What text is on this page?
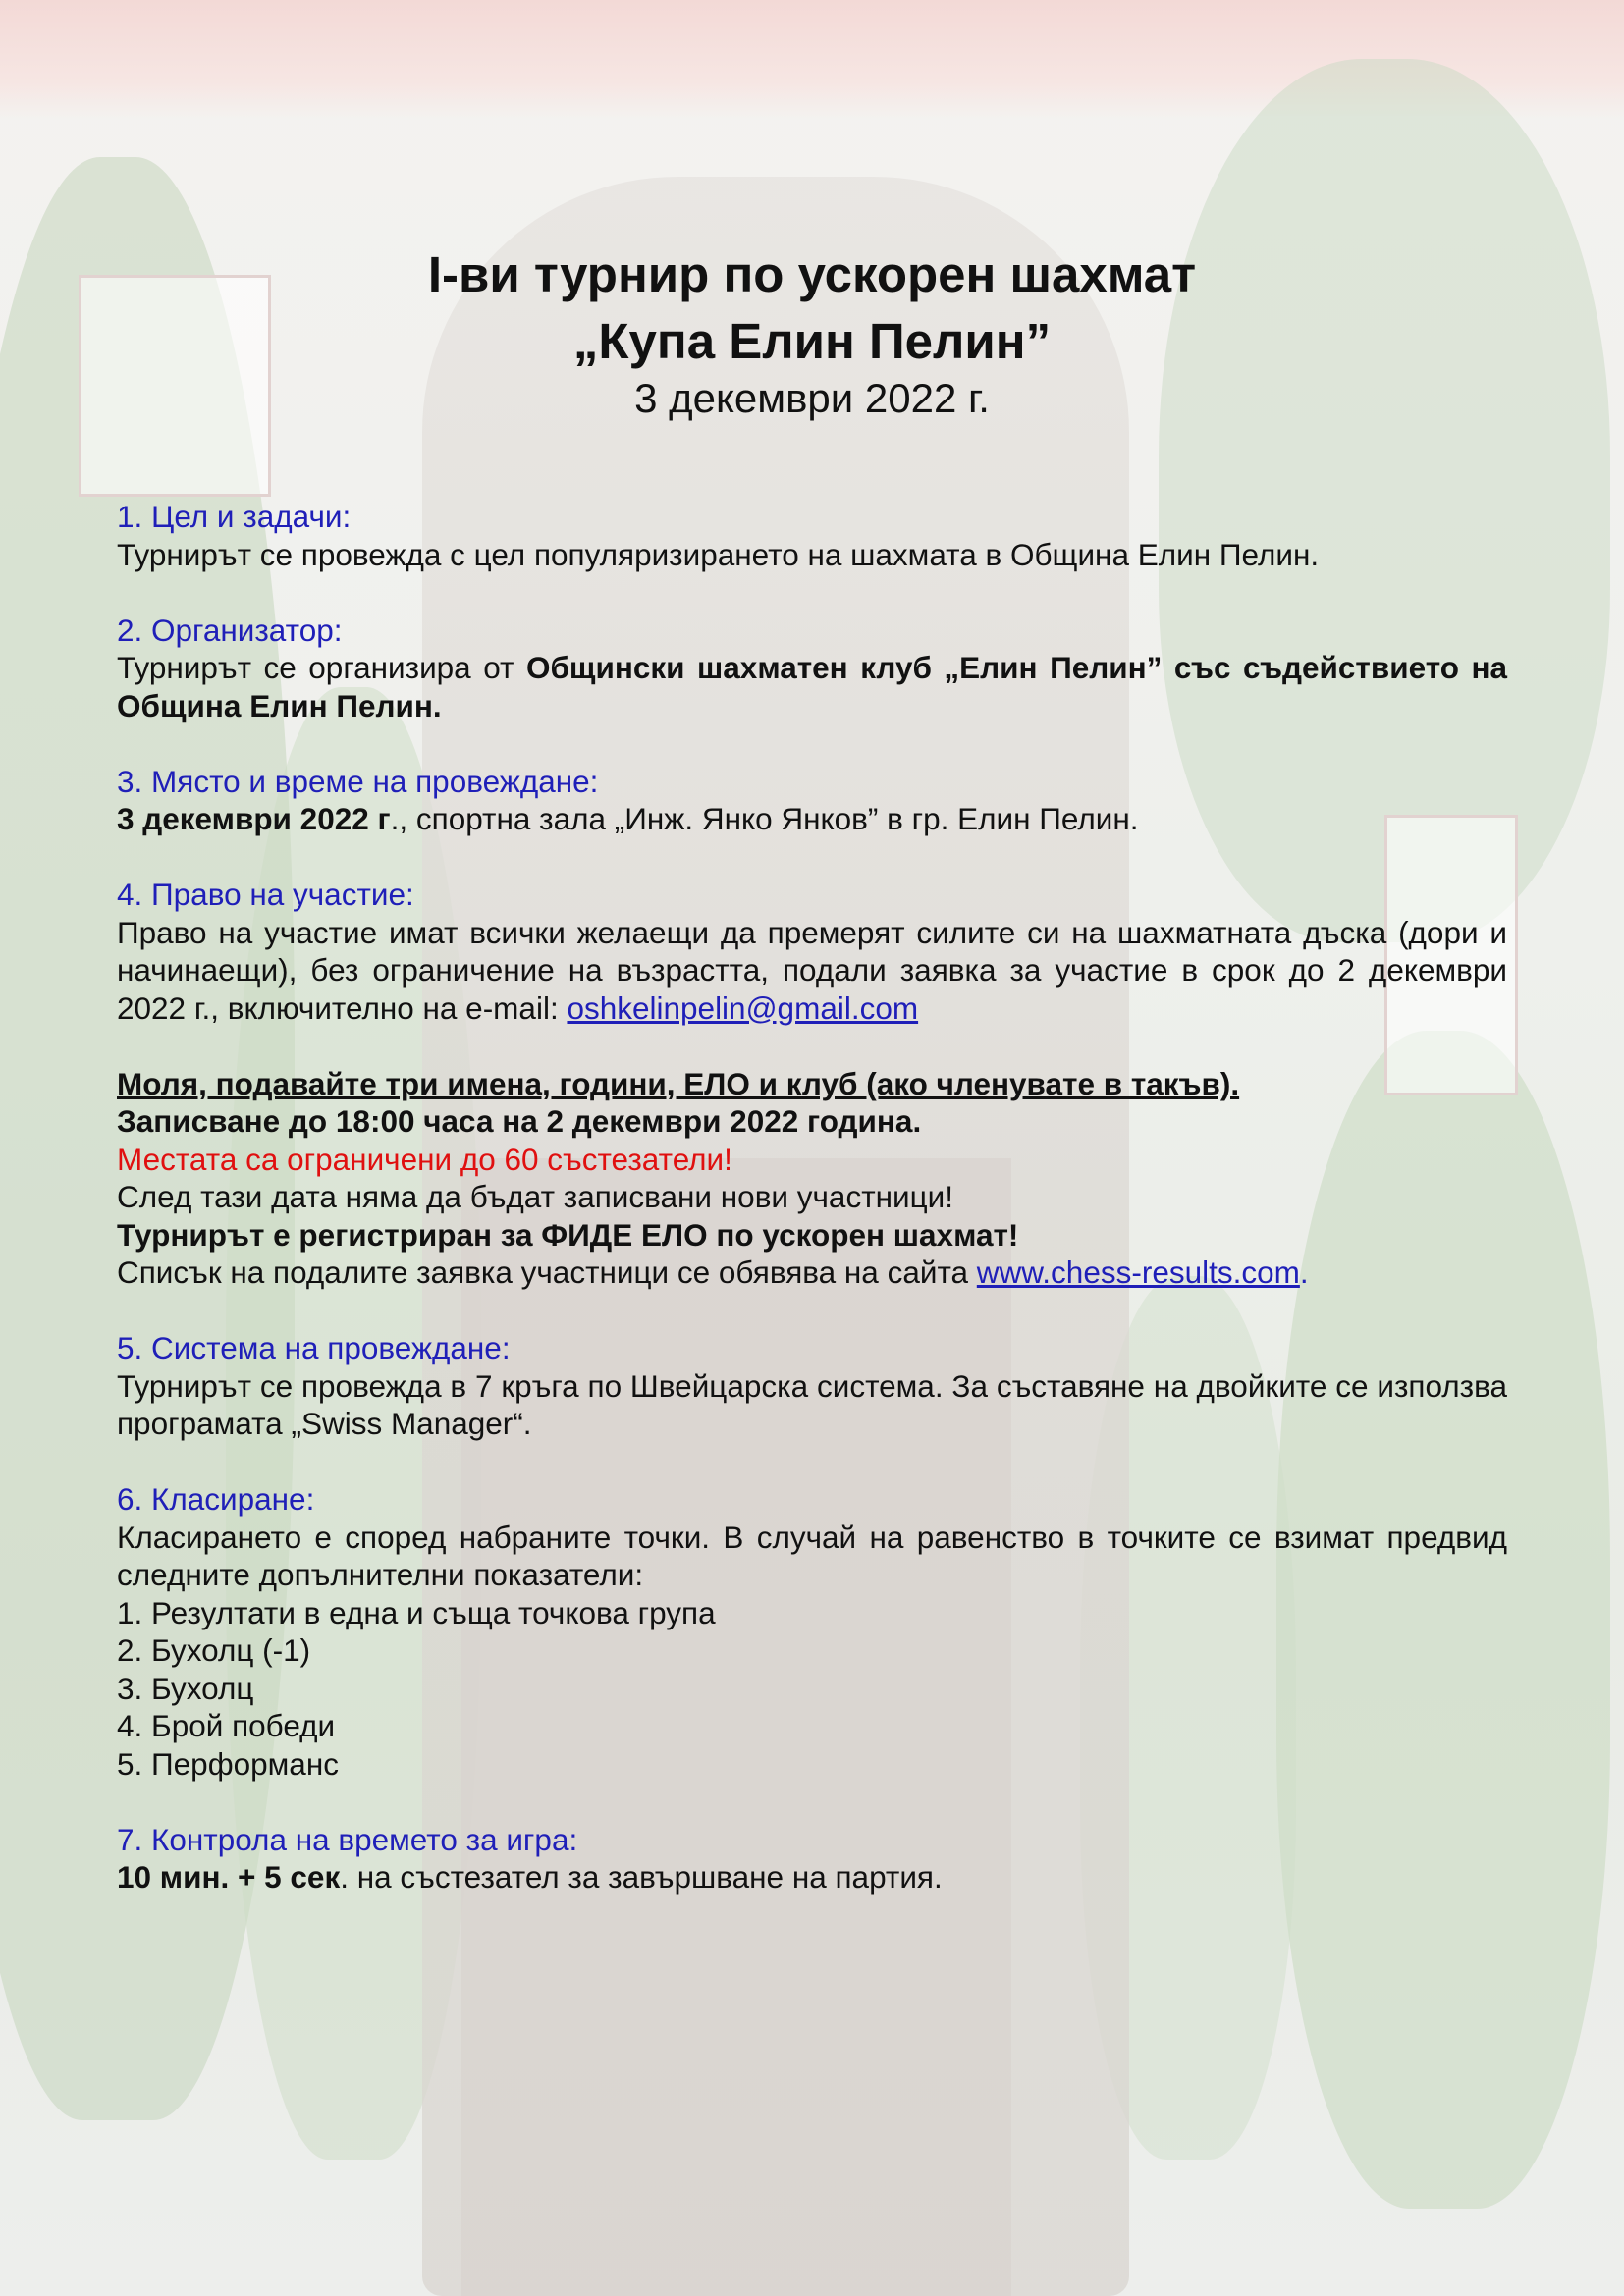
I-ви турнир по ускорен шахмат
„Купа Елин Пелин”
3 декември 2022 г.

1. Цел и задачи:

Турнирът се провежда с цел популяризирането на шахмата в Община Елин Пелин.

2. Организатор:

Турнирът се организира от Общински шахматен клуб „Елин Пелин” със съдействието на Община Елин Пелин.

3. Място и време на провеждане:

3 декември 2022 г., спортна зала „Инж. Янко Янков” в гр. Елин Пелин.

4. Право на участие:

Право на участие имат всички желаещи да премерят силите си на шахматната дъска (дори и начинаещи), без ограничение на възрастта, подали заявка за участие в срок до 2 декември 2022 г., включително на e-mail: oshkelinpelin@gmail.com

Моля, подавайте три имена, години, ЕЛО и клуб (ако членувате в такъв).

Записване до 18:00 часа на 2 декември 2022 година.

Местата са ограничени до 60 състезатели!

След тази дата няма да бъдат записвани нови участници!

Турнирът е регистриран за ФИДЕ ЕЛО по ускорен шахмат!

Списък на подалите заявка участници се обявява на сайта www.chess-results.com.

5. Система на провеждане:

Турнирът се провежда в 7 кръга по Швейцарска система. За съставяне на двойките се използва програмата „Swiss Manager“.

6. Класиране:

Класирането е според набраните точки. В случай на равенство в точките се взимат предвид следните допълнителни показатели:

1. Резултати в една и съща точкова група

2. Бухолц (-1)

3. Бухолц

4. Брой победи

5. Перформанс

7. Контрола на времето за игра:

10 мин. + 5 сек. на състезател за завършване на партия.
